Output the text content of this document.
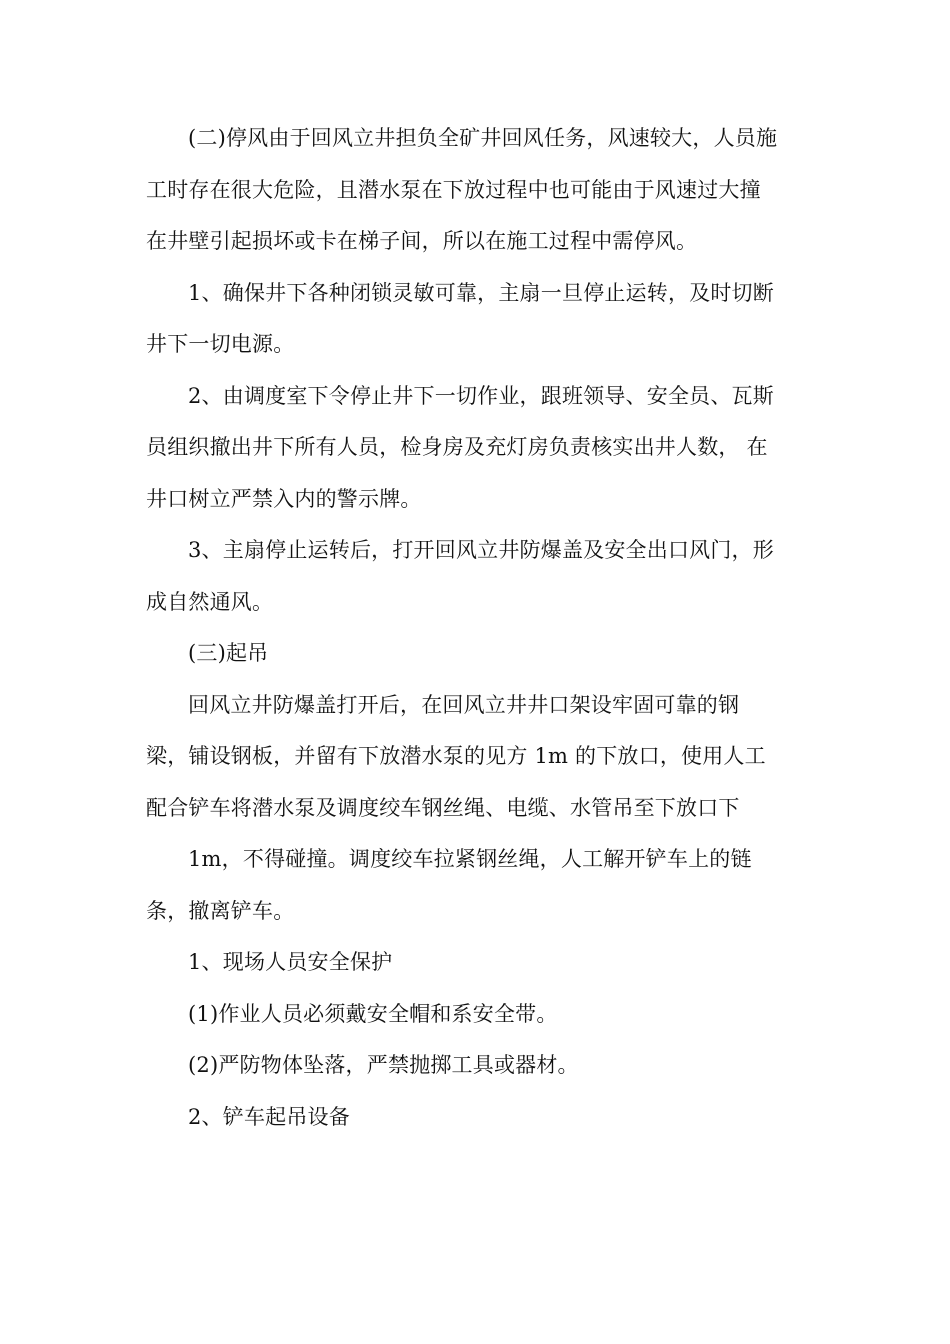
(二)停风由于回风立井担负全矿井回风任务，风速较大，人员施
工时存在很大危险，且潜水泵在下放过程中也可能由于风速过大撞
在井壁引起损坏或卡在梯子间，所以在施工过程中需停风。
1、确保井下各种闭锁灵敏可靠，主扇一旦停止运转，及时切断
井下一切电源。
2、由调度室下令停止井下一切作业，跟班领导、安全员、瓦斯
员组织撤出井下所有人员，检身房及充灯房负责核实出井人数， 在
井口树立严禁入内的警示牌。
3、主扇停止运转后，打开回风立井防爆盖及安全出口风门，形
成自然通风。
(三)起吊
回风立井防爆盖打开后，在回风立井井口架设牢固可靠的钢
梁，铺设钢板，并留有下放潜水泵的见方 1m 的下放口，使用人工
配合铲车将潜水泵及调度绞车钢丝绳、电缆、水管吊至下放口下
1m，不得碰撞。调度绞车拉紧钢丝绳，人工解开铲车上的链
条，撤离铲车。
1、现场人员安全保护
(1)作业人员必须戴安全帽和系安全带。
(2)严防物体坠落，严禁抛掷工具或器材。
2、铲车起吊设备
